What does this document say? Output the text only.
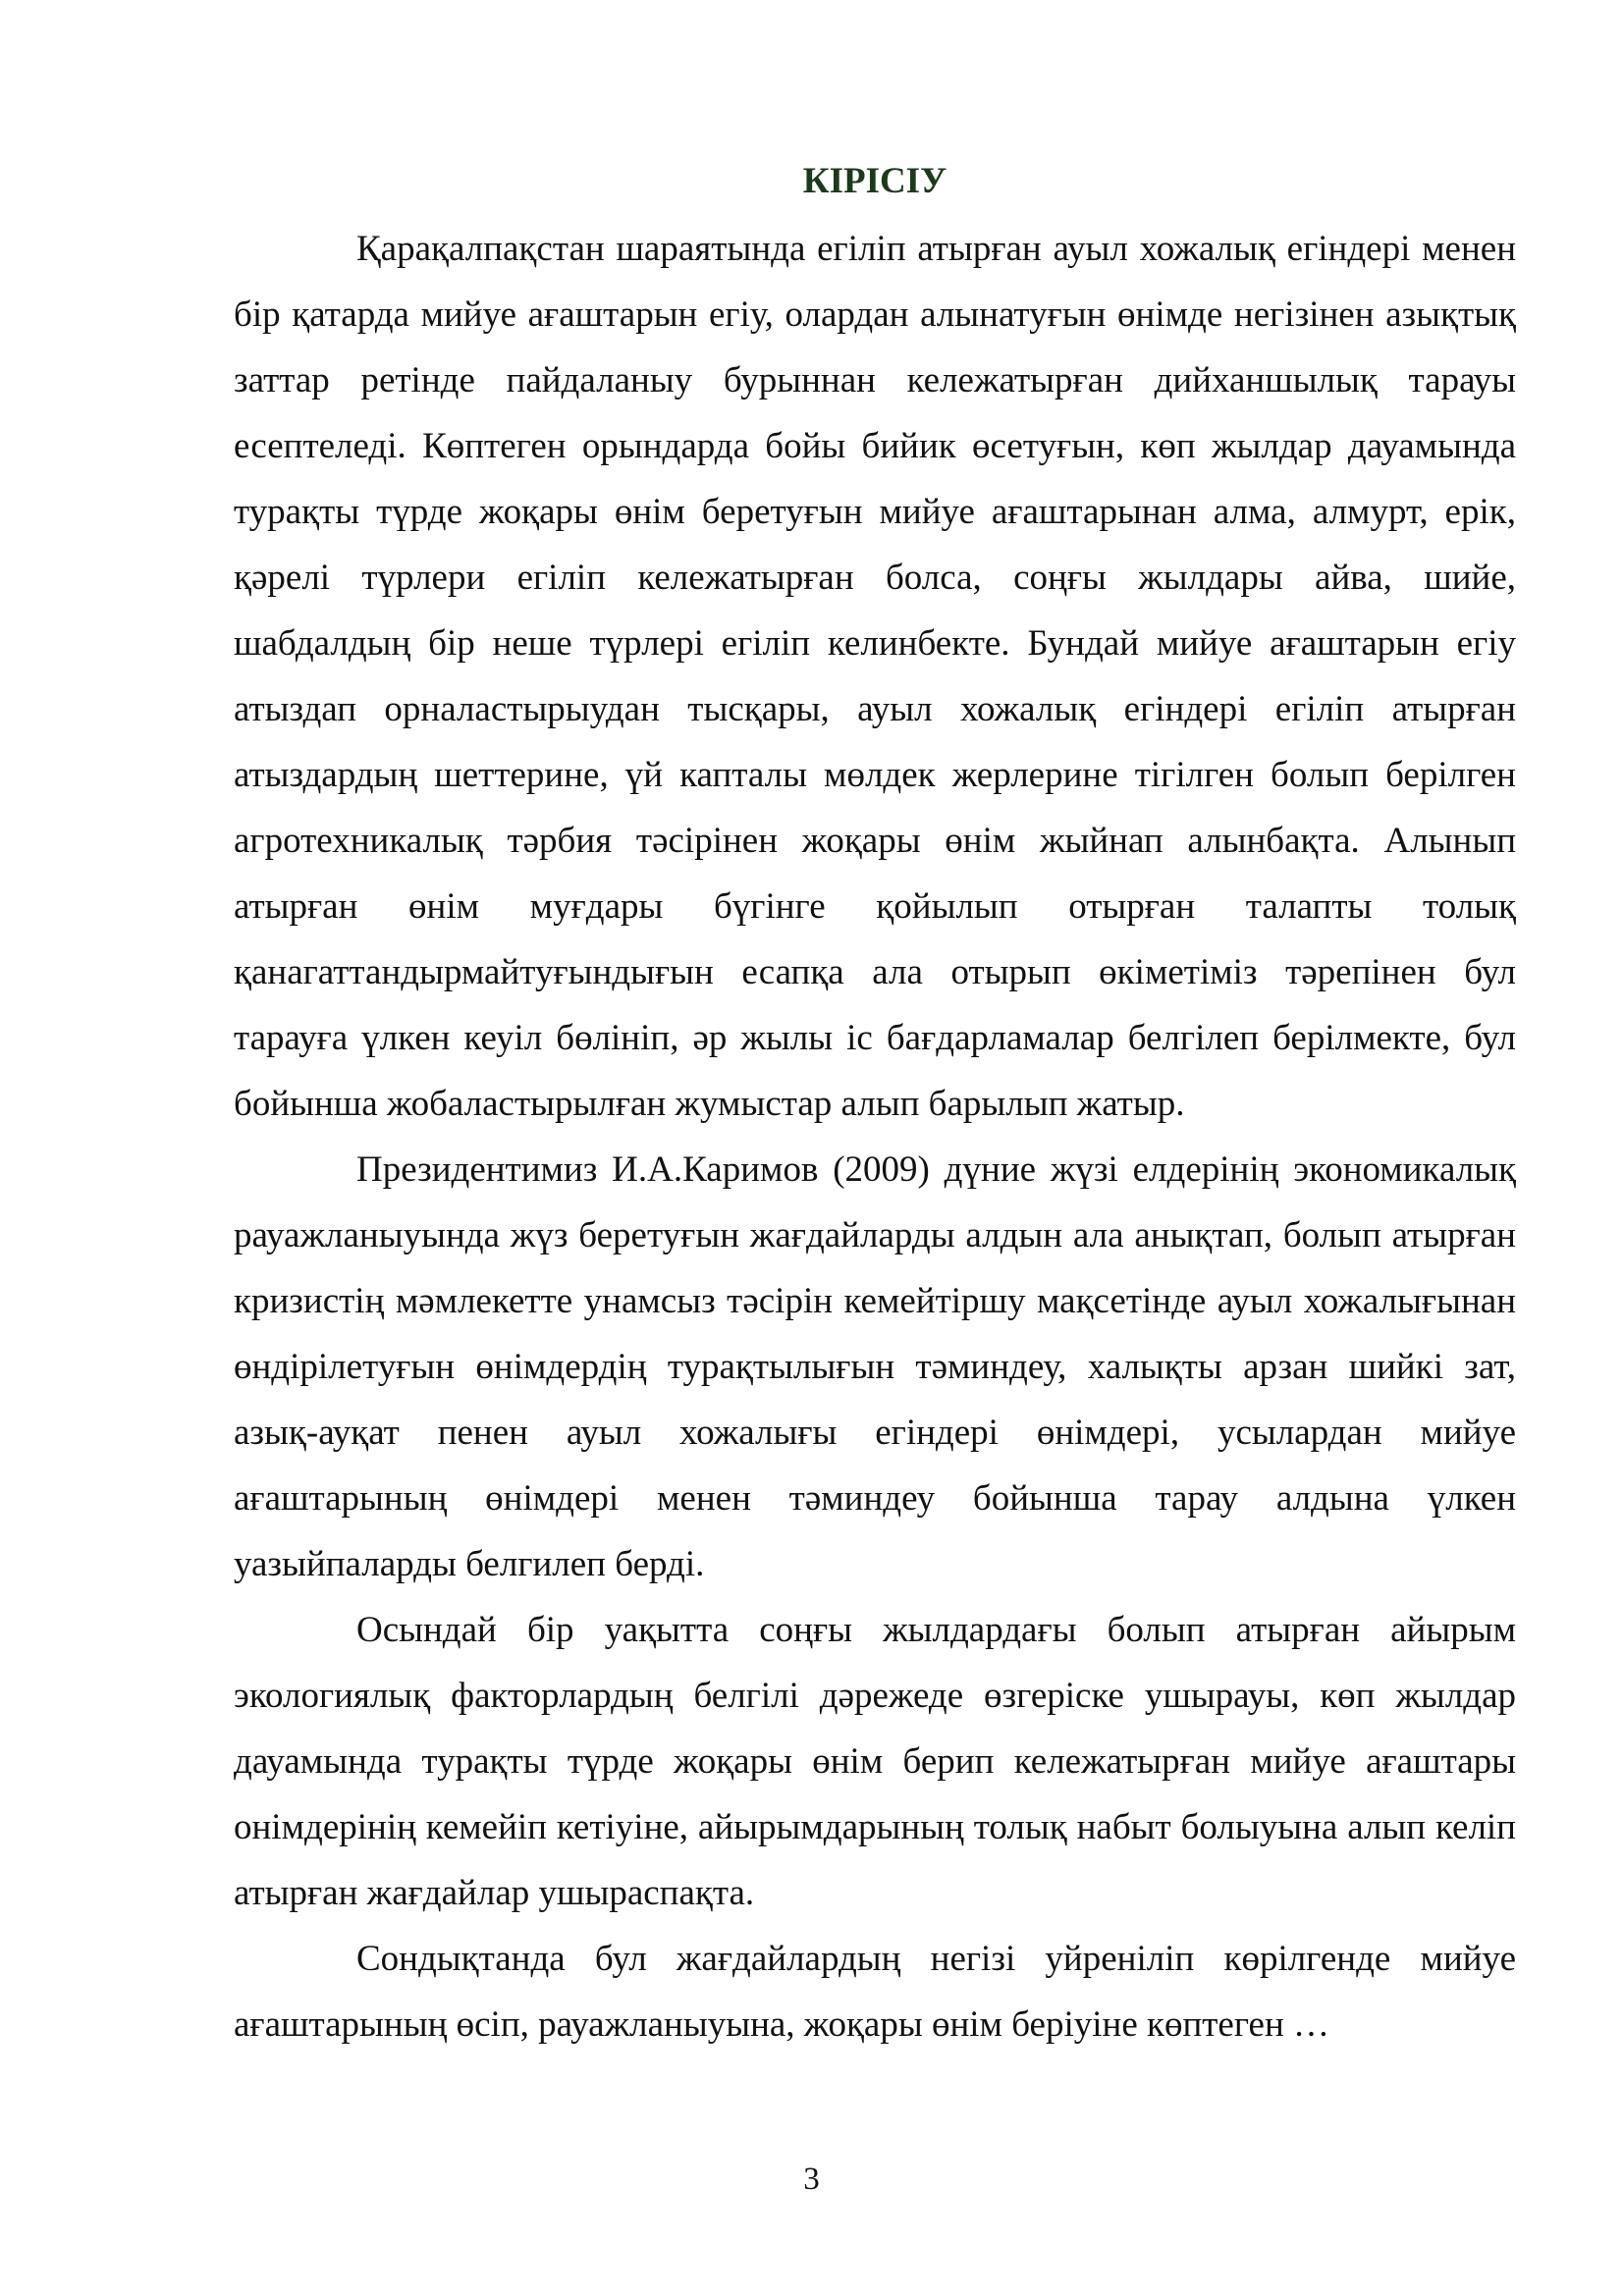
КІРІСІУ

Қарақалпақстан шараятында егіліп атырған ауыл хожалық егіндері менен бір қатарда мийуе ағаштарын егіу, олардан алынатуғын өнімде негізінен азықтық заттар ретінде пайдаланыу бурыннан кележатырған дийханшылық тарауы есептеледі. Көптеген орындарда бойы бийик өсетуғын, көп жылдар дауамында турақты түрде жоқары өнім беретуғын мийуе ағаштарынан алма, алмурт, ерік, қәрелі түрлери егіліп кележатырған болса, соңғы жылдары айва, шийе, шабдалдың бір неше түрлері егіліп келинбекте. Бундай мийуе ағаштарын егіу атыздап орналастырыудан тысқары, ауыл хожалық егіндері егіліп атырған атыздардың шеттерине, үй капталы мөлдек жерлерине тігілген болып берілген агротехникалық тәрбия тәсірінен жоқары өнім жыйнап алынбақта. Алынып атырған өнім муғдары бүгінге қойылып отырған талапты толық қанагаттандырмайтуғындығын есапқа ала отырып өкіметіміз тәрепінен бул тарауға үлкен кеуіл бөлініп, әр жылы іс бағдарламалар белгілеп берілмекте, бул бойынша жобаластырылған жумыстар алып барылып жатыр.

Президентимиз И.А.Каримов (2009) дүние жүзі елдерінің экономикалық рауажланыуында жүз беретуғын жағдайларды алдын ала анықтап, болып атырған кризистің мәмлекетте унамсыз тәсірін кемейтіршу мақсетінде ауыл хожалығынан өндірілетуғын өнімдердің турақтылығын тәминдеу, халықты арзан шийкі зат, азық-ауқат пенен ауыл хожалығы егіндері өнімдері, усылардан мийуе ағаштарының өнімдері менен тәминдеу бойынша тарау алдына үлкен уазыйпаларды белгилеп берді.

Осындай бір уақытта соңғы жылдардағы болып атырған айырым экологиялық факторлардың белгілі дәрежеде өзгеріске ушырауы, көп жылдар дауамында турақты түрде жоқары өнім берип кележатырған мийуе ағаштары онімдерінің кемейіп кетіуіне, айырымдарының толық набыт болыуына алып келіп атырған жағдайлар ушыраспақта.

Сондықтанда бул жағдайлардың негізі уйреніліп көрілгенде мийуе ағаштарының өсіп, рауажланыуына, жоқары өнім беріуіне көптеген …

3
